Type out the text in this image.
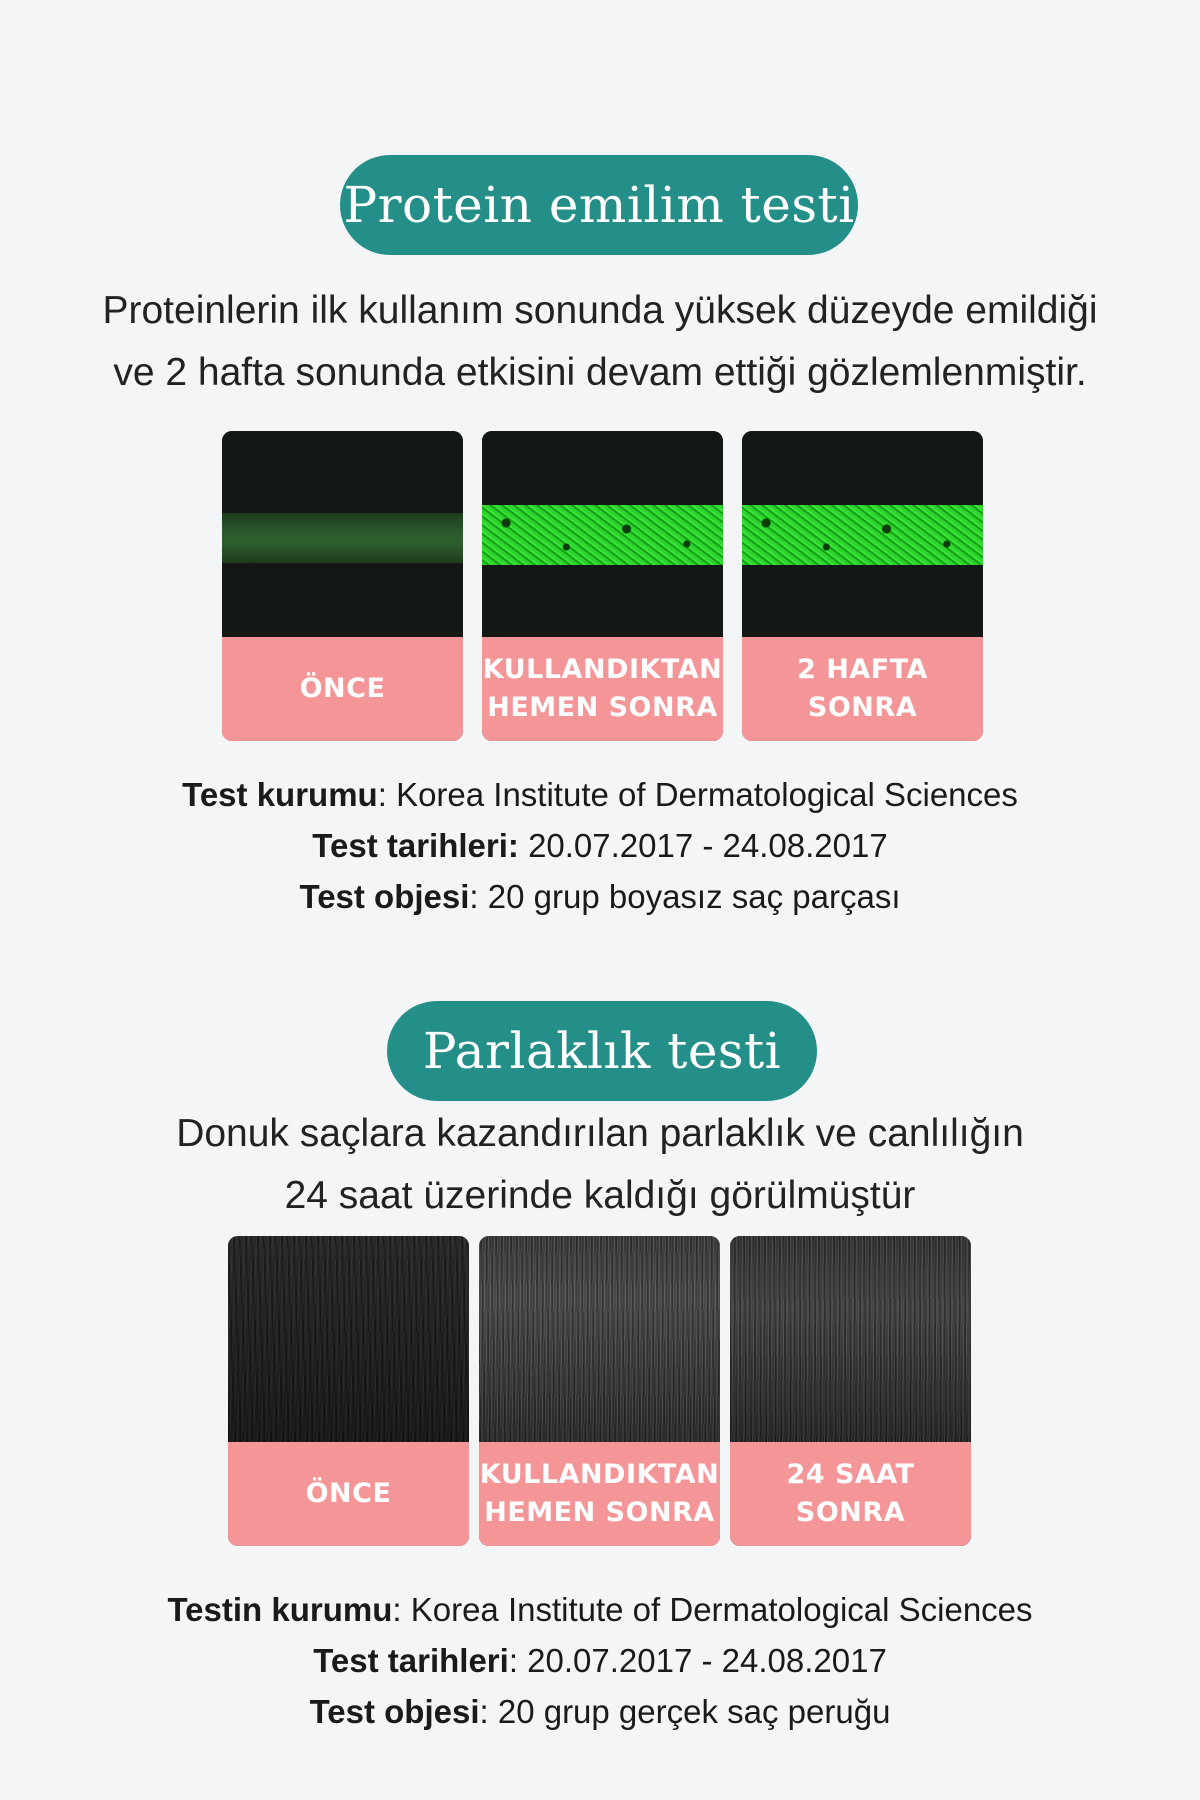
Protein emilim testi
Proteinlerin ilk kullanım sonunda yüksek düzeyde emildiği
ve 2 hafta sonunda etkisini devam ettiği gözlemlenmiştir.
ÖNCE
KULLANDIKTAN
HEMEN SONRA
2 HAFTA
SONRA
Test kurumu: Korea Institute of Dermatological Sciences
Test tarihleri: 20.07.2017 - 24.08.2017
Test objesi: 20 grup boyasız saç parçası
Parlaklık testi
Donuk saçlara kazandırılan parlaklık ve canlılığın
24 saat üzerinde kaldığı görülmüştür
ÖNCE
KULLANDIKTAN
HEMEN SONRA
24 SAAT
SONRA
Testin kurumu: Korea Institute of Dermatological Sciences
Test tarihleri: 20.07.2017 - 24.08.2017
Test objesi: 20 grup gerçek saç peruğu
